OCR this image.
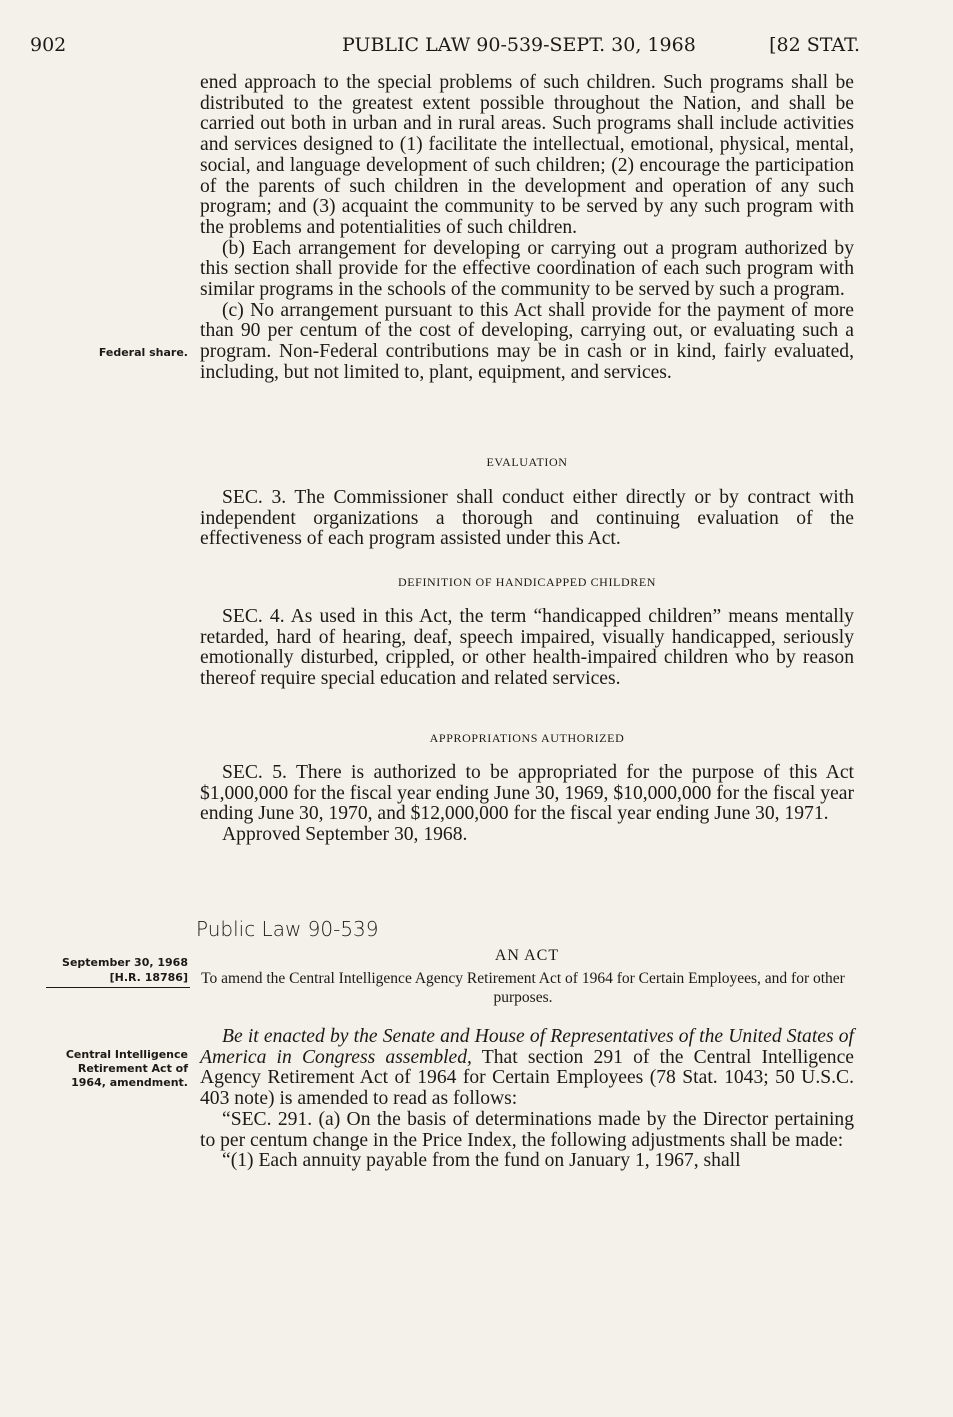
902	PUBLIC LAW 90-539-SEPT. 30, 1968	[82 STAT.

ened approach to the special problems of such children. Such programs shall be distributed to the greatest extent possible throughout the Nation, and shall be carried out both in urban and in rural areas. Such programs shall include activities and services designed to (1) facilitate the intellectual, emotional, physical, mental, social, and language development of such children; (2) encourage the participation of the parents of such children in the development and operation of any such program; and (3) acquaint the community to be served by any such program with the problems and potentialities of such children.

(b) Each arrangement for developing or carrying out a program authorized by this section shall provide for the effective coordination of each such program with similar programs in the schools of the community to be served by such a program.

(c) No arrangement pursuant to this Act shall provide for the payment of more than 90 per centum of the cost of developing, carrying out, or evaluating such a program. Non-Federal contributions may be in cash or in kind, fairly evaluated, including, but not limited to, plant, equipment, and services.

Federal share.
EVALUATION

SEC. 3. The Commissioner shall conduct either directly or by contract with independent organizations a thorough and continuing evaluation of the effectiveness of each program assisted under this Act.

DEFINITION OF HANDICAPPED CHILDREN

SEC. 4. As used in this Act, the term “handicapped children” means mentally retarded, hard of hearing, deaf, speech impaired, visually handicapped, seriously emotionally disturbed, crippled, or other health-impaired children who by reason thereof require special education and related services.

APPROPRIATIONS AUTHORIZED

SEC. 5. There is authorized to be appropriated for the purpose of this Act $1,000,000 for the fiscal year ending June 30, 1969, $10,000,000 for the fiscal year ending June 30, 1970, and $12,000,000 for the fiscal year ending June 30, 1971.

Approved September 30, 1968.

Public Law 90-539
September 30, 1968
[H.R. 18786]
AN ACT
To amend the Central Intelligence Agency Retirement Act of 1964 for Certain Employees, and for other purposes.
Central Intelligence Retirement Act of 1964, amendment.

Be it enacted by the Senate and House of Representatives of the United States of America in Congress assembled, That section 291 of the Central Intelligence Agency Retirement Act of 1964 for Certain Employees (78 Stat. 1043; 50 U.S.C. 403 note) is amended to read as follows:

“SEC. 291. (a) On the basis of determinations made by the Director pertaining to per centum change in the Price Index, the following adjustments shall be made:

“(1) Each annuity payable from the fund on January 1, 1967, shall
